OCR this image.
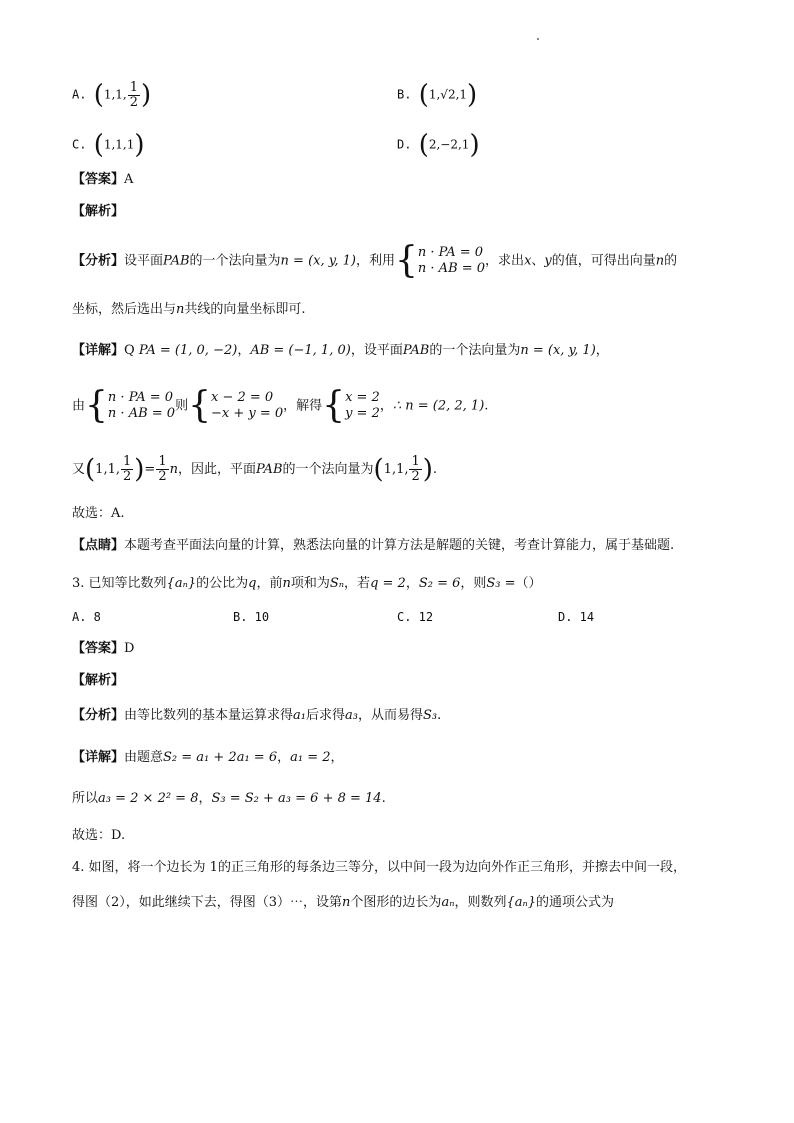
A. (1,1, $\frac{1}{2}$ )	B. (1,√2,1)
C. (1,1,1)	D. (2,−2,1)
【答案】A
【解析】
【分析】设平面PAB的一个法向量为n = (x, y, 1)，利用{ n · PA = 0
n · AB = 0 ，求出x、y的值，可得出向量n的
坐标，然后选出与n共线的向量坐标即可.
【详解】Q PA = (1, 0, −2)，AB = (−1, 1, 0)，设平面PAB的一个法向量为n = (x, y, 1)，
由{ n · PA = 0
n · AB = 0 则{ x − 2 = 0
−x + y = 0 ，解得{ x = 2
y = 2 ，∴ n = (2, 2, 1).
又(1,1, $\frac{1}{2}$ )= $\frac{1}{2}$ n，因此，平面PAB的一个法向量为(1,1, $\frac{1}{2}$ ).
故选：A.
【点睛】本题考查平面法向量的计算，熟悉法向量的计算方法是解题的关键，考查计算能力，属于基础题.
3. 已知等比数列{aₙ}的公比为q，前n项和为Sₙ，若q = 2，S₂ = 6，则S₃ =（）
A. 8	B. 10	C. 12	D. 14
【答案】D
【解析】
【分析】由等比数列的基本量运算求得a₁后求得a₃，从而易得S₃.
【详解】由题意S₂ = a₁ + 2a₁ = 6，a₁ = 2，
所以a₃ = 2 × 2² = 8，S₃ = S₂ + a₃ = 6 + 8 = 14.
故选：D.
4. 如图，将一个边长为 1的正三角形的每条边三等分，以中间一段为边向外作正三角形，并擦去中间一段，
得图（2），如此继续下去，得图（3）⋯，设第n个图形的边长为aₙ，则数列{aₙ}的通项公式为
